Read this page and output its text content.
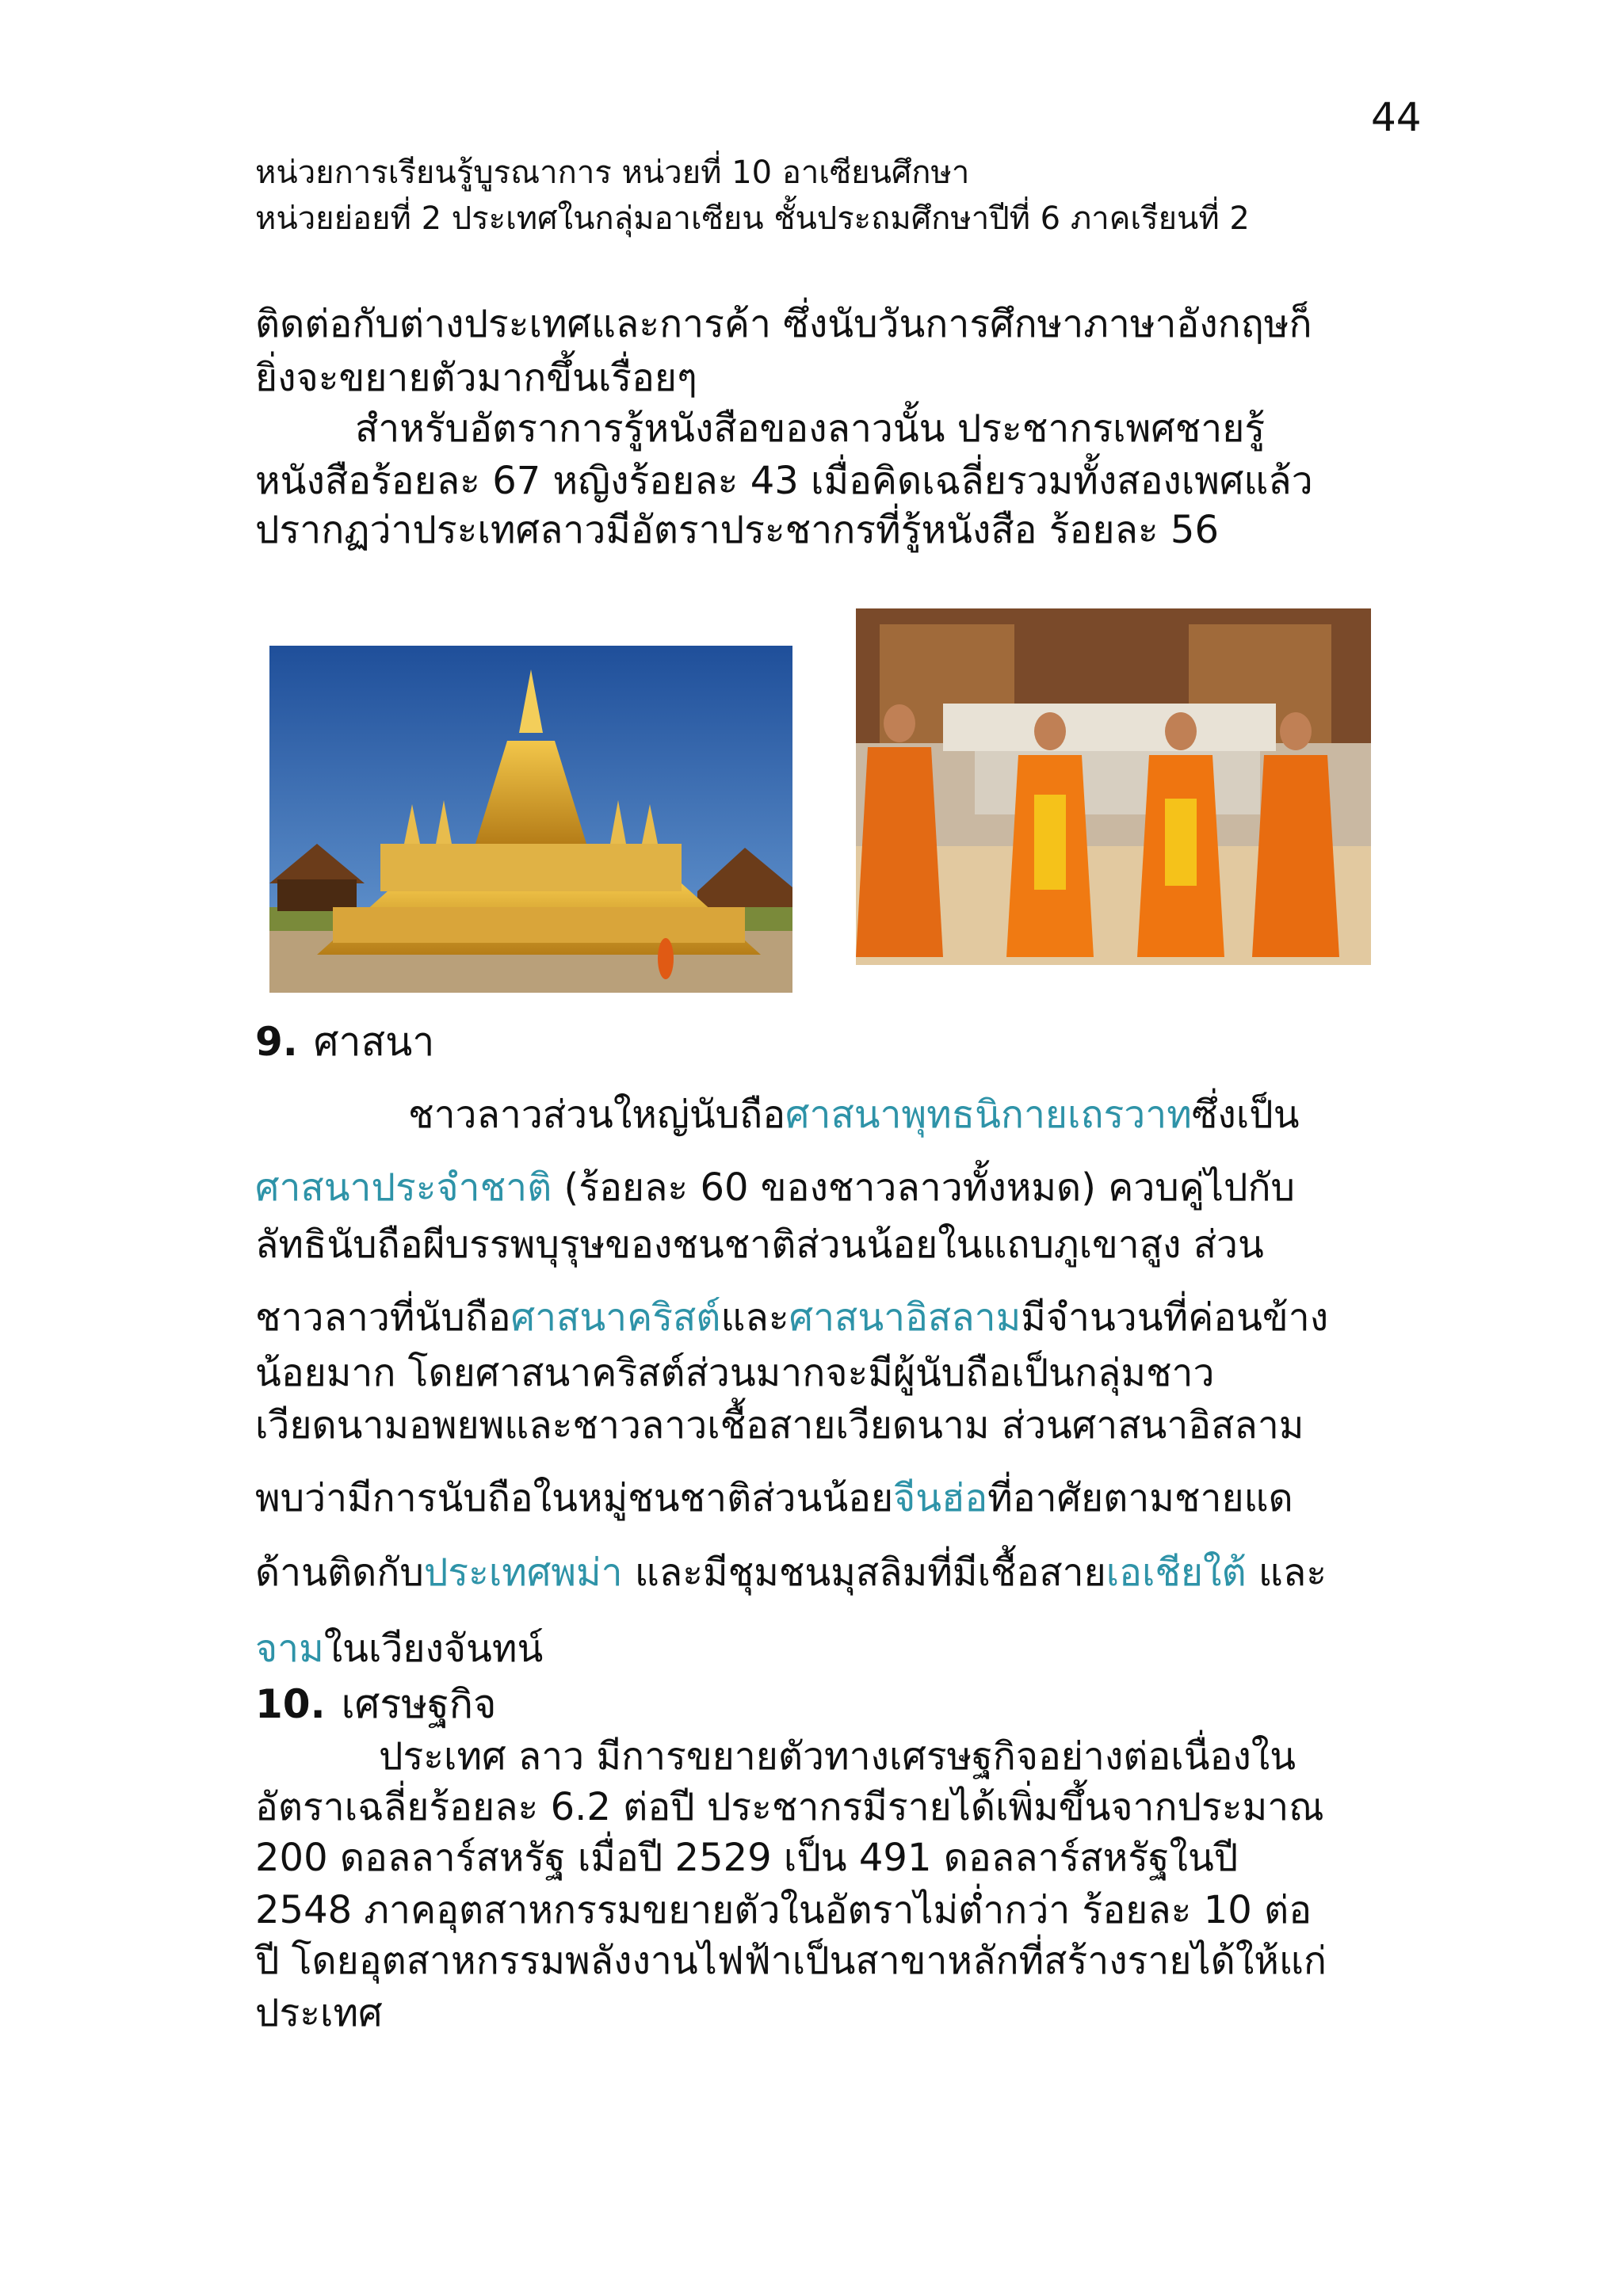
44
หน่วยการเรียนรู้บูรณาการ หน่วยที่ 10 อาเซียนศึกษา
หน่วยย่อยที่ 2 ประเทศในกลุ่มอาเซียน ชั้นประถมศึกษาปีที่ 6 ภาคเรียนที่ 2
ติดต่อกับต่างประเทศและการค้า ซึ่งนับวันการศึกษาภาษาอังกฤษก็
ยิ่งจะขยายตัวมากขึ้นเรื่อยๆ
สำหรับอัตราการรู้หนังสือของลาวนั้น ประชากรเพศชายรู้
หนังสือร้อยละ 67 หญิงร้อยละ 43 เมื่อคิดเฉลี่ยรวมทั้งสองเพศแล้ว
ปรากฏว่าประเทศลาวมีอัตราประชากรที่รู้หนังสือ ร้อยละ 56
9. ศาสนา
ชาวลาวส่วนใหญ่นับถือศาสนาพุทธนิกายเถรวาทซึ่งเป็น
ศาสนาประจำชาติ (ร้อยละ 60 ของชาวลาวทั้งหมด) ควบคู่ไปกับ
ลัทธินับถือผีบรรพบุรุษของชนชาติส่วนน้อยในแถบภูเขาสูง ส่วน
ชาวลาวที่นับถือศาสนาคริสต์และศาสนาอิสลามมีจำนวนที่ค่อนข้าง
น้อยมาก โดยศาสนาคริสต์ส่วนมากจะมีผู้นับถือเป็นกลุ่มชาว
เวียดนามอพยพและชาวลาวเชื้อสายเวียดนาม ส่วนศาสนาอิสลาม
พบว่ามีการนับถือในหมู่ชนชาติส่วนน้อยจีนฮ่อที่อาศัยตามชายแด
ด้านติดกับประเทศพม่า และมีชุมชนมุสลิมที่มีเชื้อสายเอเชียใต้ และ
จามในเวียงจันทน์
10. เศรษฐกิจ
ประเทศ ลาว มีการขยายตัวทางเศรษฐกิจอย่างต่อเนื่องใน
อัตราเฉลี่ยร้อยละ 6.2 ต่อปี ประชากรมีรายได้เพิ่มขึ้นจากประมาณ
200 ดอลลาร์สหรัฐ เมื่อปี 2529 เป็น 491 ดอลลาร์สหรัฐในปี
2548 ภาคอุตสาหกรรมขยายตัวในอัตราไม่ต่ำกว่า ร้อยละ 10 ต่อ
ปี โดยอุตสาหกรรมพลังงานไฟฟ้าเป็นสาขาหลักที่สร้างรายได้ให้แก่
ประเทศ
